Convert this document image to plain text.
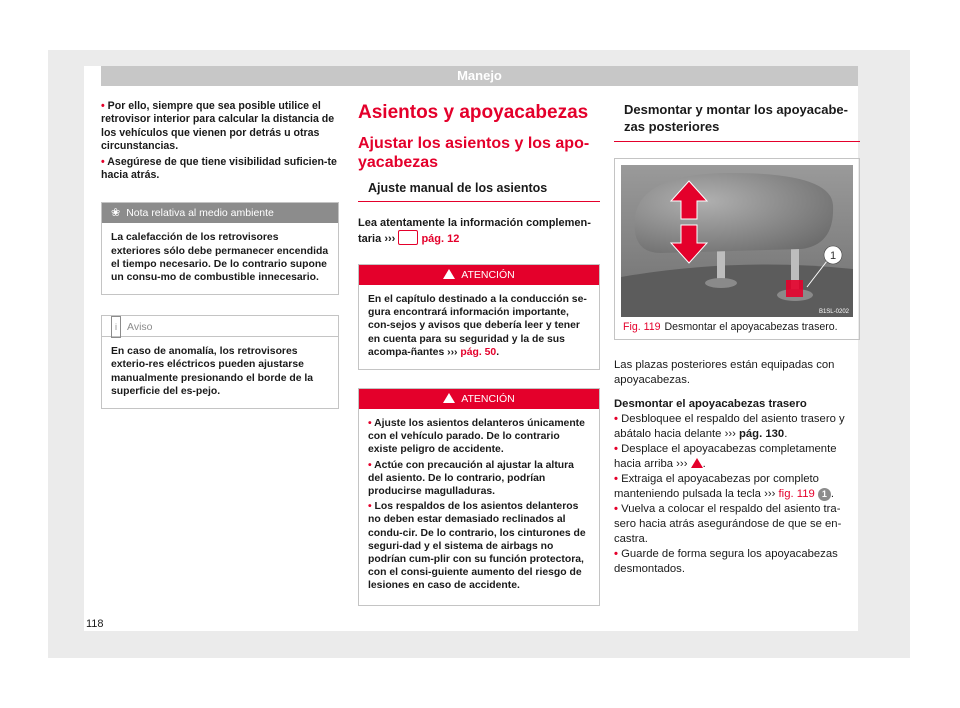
Manejo

• Por ello, siempre que sea posible utilice el retrovisor interior para calcular la distancia de los vehículos que vienen por detrás u otras circunstancias.

• Asegúrese de que tiene visibilidad suficien-te hacia atrás.

❀ Nota relativa al medio ambiente
La calefacción de los retrovisores exteriores sólo debe permanecer encendida el tiempo necesario. De lo contrario supone un consu-mo de combustible innecesario.
i Aviso
En caso de anomalía, los retrovisores exterio-res eléctricos pueden ajustarse manualmente presionando el borde de la superficie del es-pejo.
Asientos y apoyacabezas
Ajustar los asientos y los apo-yacabezas
Ajuste manual de los asientos
Lea atentamente la información complemen-taria ››› pág. 12
ATENCIÓN
En el capítulo destinado a la conducción se-gura encontrará información importante, con-sejos y avisos que debería leer y tener en cuenta para su seguridad y la de sus acompa-ñantes ››› pág. 50.
ATENCIÓN

• Ajuste los asientos delanteros únicamente con el vehículo parado. De lo contrario existe peligro de accidente.

• Actúe con precaución al ajustar la altura del asiento. De lo contrario, podrían producirse magulladuras.

• Los respaldos de los asientos delanteros no deben estar demasiado reclinados al condu-cir. De lo contrario, los cinturones de seguri-dad y el sistema de airbags no podrían cum-plir con su función protectora, con el consi-guiente aumento del riesgo de lesiones en caso de accidente.

Desmontar y montar los apoyacabe-zas posteriores
1
B1SL-0202
Fig. 119 Desmontar el apoyacabezas trasero.

Las plazas posteriores están equipadas con apoyacabezas.

Desmontar el apoyacabezas trasero

• Desbloquee el respaldo del asiento trasero y abátalo hacia delante ››› pág. 130.

• Desplace el apoyacabezas completamente hacia arriba ››› .

• Extraiga el apoyacabezas por completo manteniendo pulsada la tecla ››› fig. 119 1 .

• Vuelva a colocar el respaldo del asiento tra-sero hacia atrás asegurándose de que se en-castra.

• Guarde de forma segura los apoyacabezas desmontados.

118
